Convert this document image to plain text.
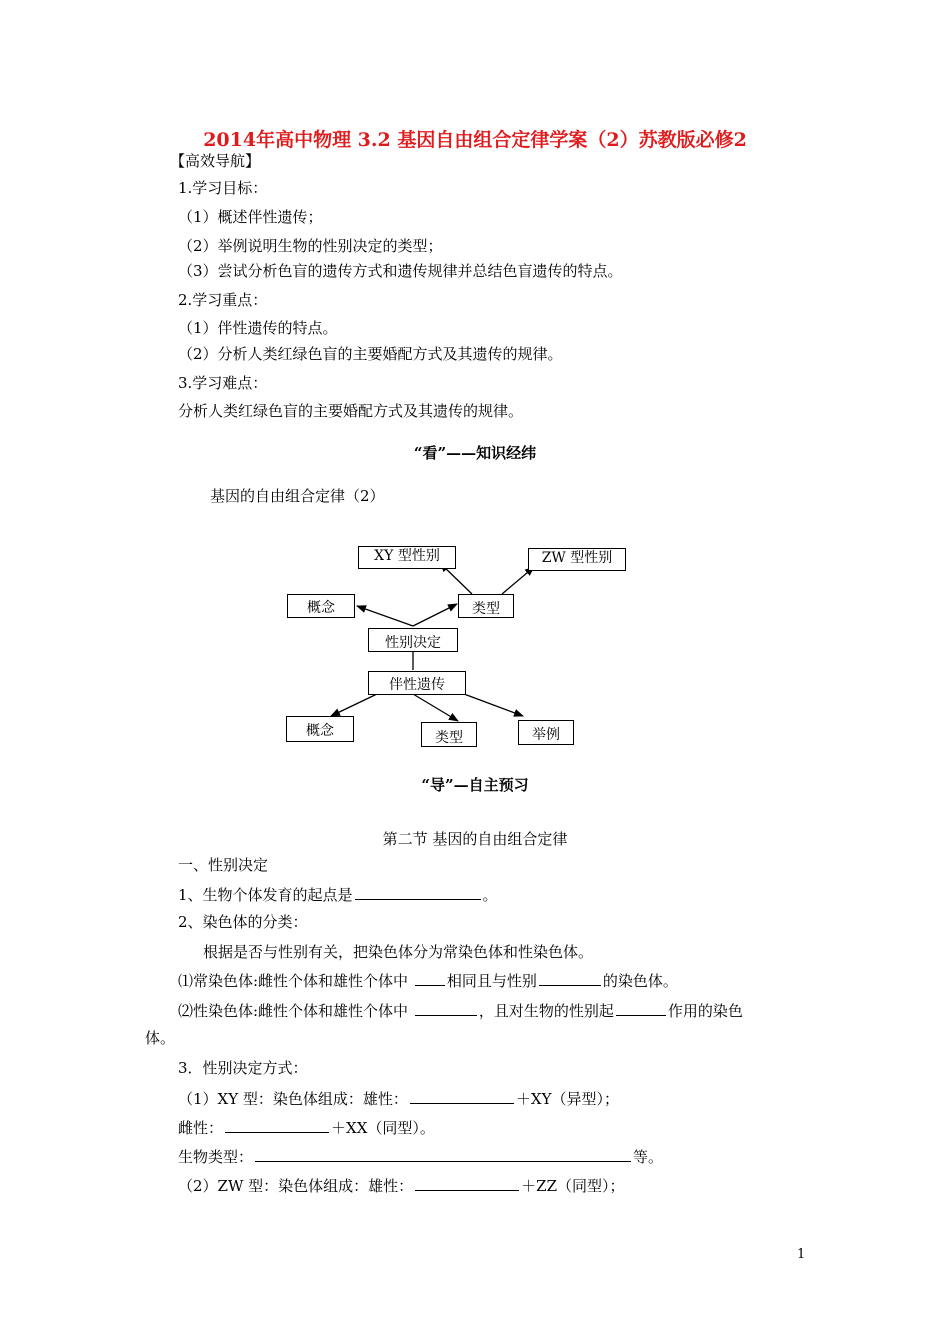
2014年高中物理 3.2 基因自由组合定律学案（2）苏教版必修2
【高效导航】
1.学习目标：
（1）概述伴性遗传；
（2）举例说明生物的性别决定的类型；
（3）尝试分析色盲的遗传方式和遗传规律并总结色盲遗传的特点。
2.学习重点：
（1）伴性遗传的特点。
（2）分析人类红绿色盲的主要婚配方式及其遗传的规律。
3.学习难点：
分析人类红绿色盲的主要婚配方式及其遗传的规律。
“看”——知识经纬
基因的自由组合定律（2）
XY 型性别	ZW 型性别
概念	类型
性别决定
伴性遗传
概念	类型	举例
“导”—自主预习
第二节 基因的自由组合定律
一、性别决定
1、生物个体发育的起点是	。
2、染色体的分类：
根据是否与性别有关，把染色体分为常染色体和性染色体。
⑴常染色体:雌性个体和雄性个体中 相同且与性别	的染色体。
⑵性染色体:雌性个体和雄性个体中	，且对生物的性别起	作用的染色
体。
3．性别决定方式：
（1）XY 型：染色体组成：雄性：	＋XY（异型）；
雌性：	＋XX（同型）。
生物类型：	等。
（2）ZW 型：染色体组成：雄性：	＋ZZ（同型）；
1
